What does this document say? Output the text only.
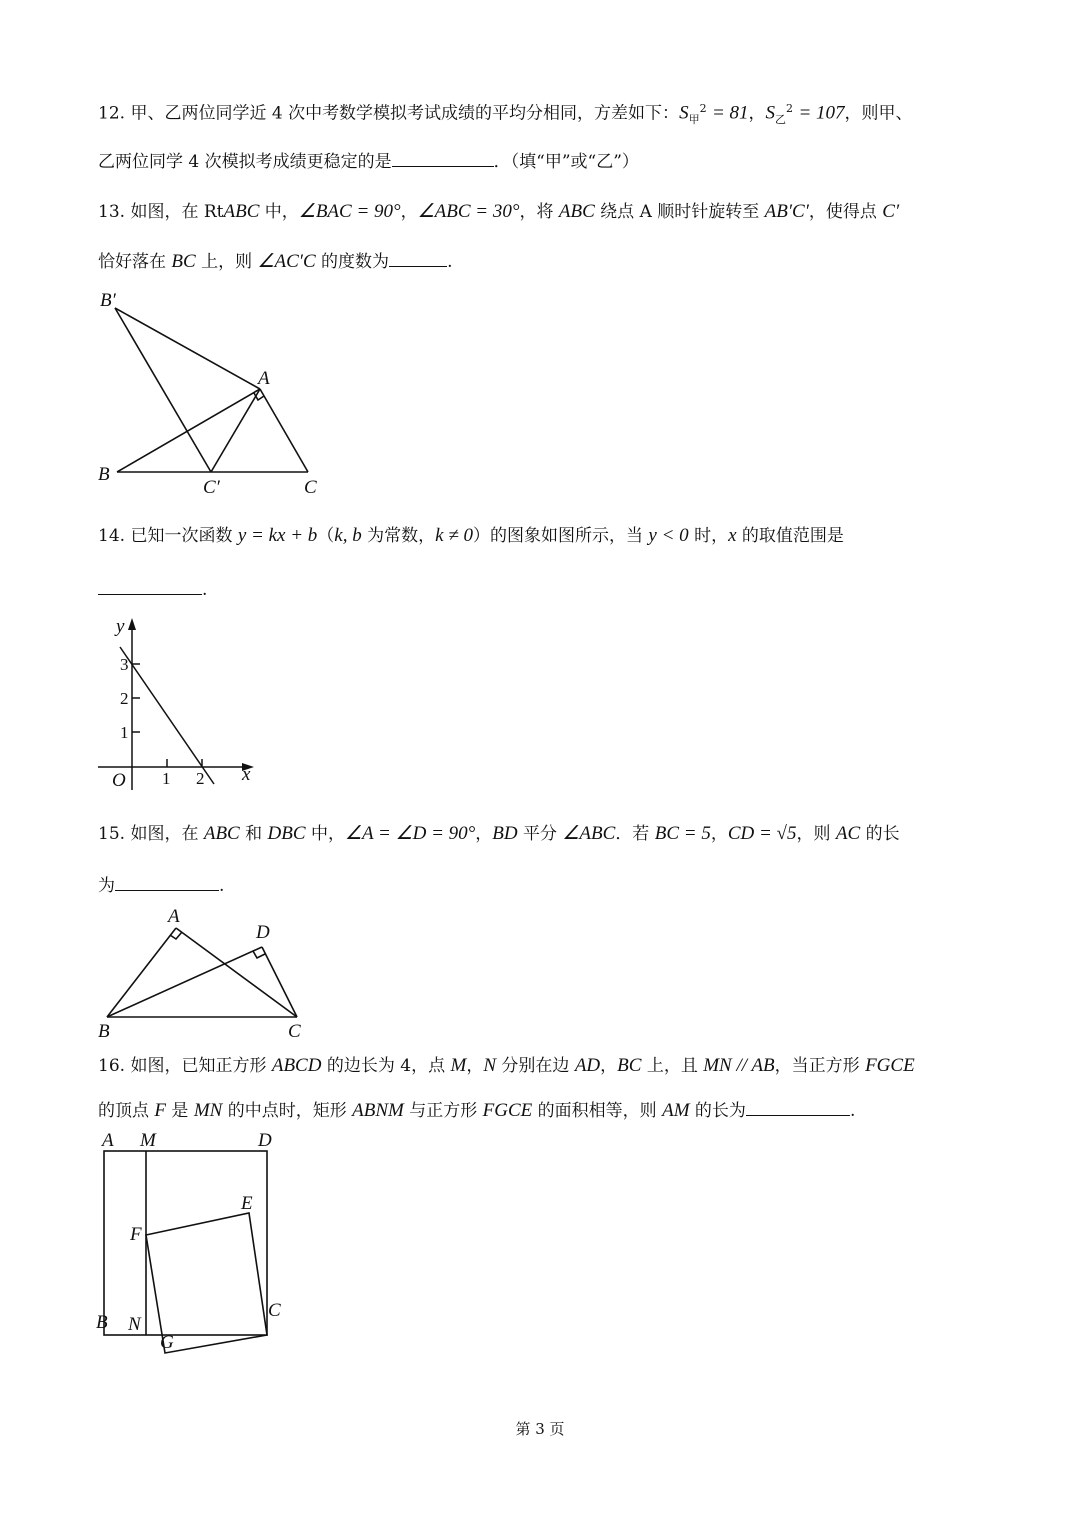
12. 甲、乙两位同学近 4 次中考数学模拟考试成绩的平均分相同，方差如下：$S_甲^2 = 81$，$S_乙^2 = 107$，则甲、
乙两位同学 4 次模拟考成绩更稳定的是	．（填“甲”或“乙”）
13. 如图，在 RtABC 中，∠BAC = 90°，∠ABC = 30°，将 ABC 绕点 A 顺时针旋转至 AB′C′，使得点 C′
恰好落在 BC 上，则 ∠AC′C 的度数为	.
B′
A
B
C′	C
14. 已知一次函数 y = kx + b（k, b 为常数，k ≠ 0）的图象如图所示，当 y < 0 时，x 的取值范围是
.
y
x
O
3
2
1
1 2
15. 如图，在 ABC 和 DBC 中，∠A = ∠D = 90°，BD 平分 ∠ABC．若 BC = 5，CD = √5，则 AC 的长
为	.
A
D
B	C
16. 如图，已知正方形 ABCD 的边长为 4，点 M，N 分别在边 AD，BC 上，且 MN // AB，当正方形 FGCE
的顶点 F 是 MN 的中点时，矩形 ABNM 与正方形 FGCE 的面积相等，则 AM 的长为	.
A M	D
E
F
N
C
B
G
第 3 页
